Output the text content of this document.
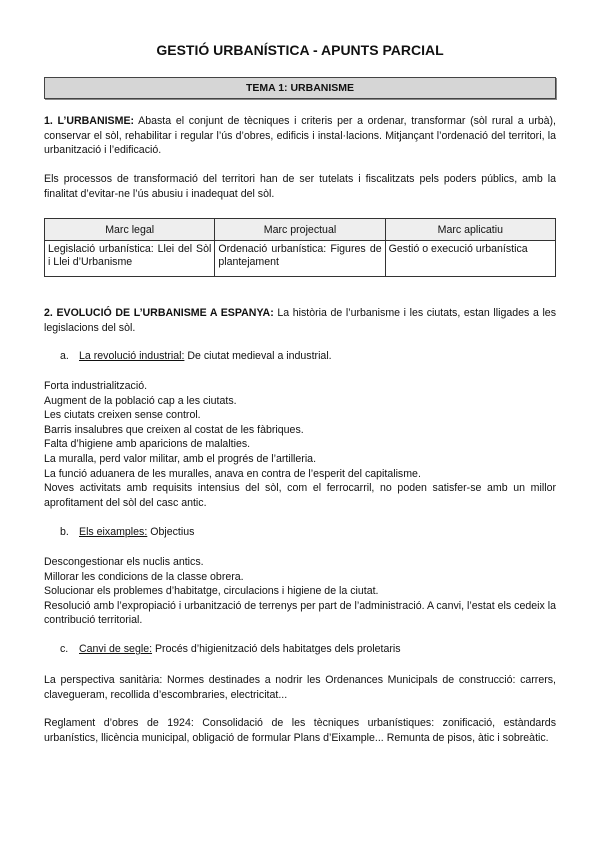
GESTIÓ URBANÍSTICA - APUNTS PARCIAL
TEMA 1: URBANISME
1. L’URBANISME: Abasta el conjunt de tècniques i criteris per a ordenar, transformar (sòl rural a urbà), conservar el sòl, rehabilitar i regular l’ús d’obres, edificis i instal·lacions. Mitjançant l’ordenació del territori, la urbanització i l’edificació.
Els processos de transformació del territori han de ser tutelats i fiscalitzats pels poders públics, amb la finalitat d’evitar-ne l’ús abusiu i inadequat del sòl.
Marc legal	Marc projectual	Marc aplicatiu
Legislació urbanística: Llei del Sòl i Llei d’Urbanisme	Ordenació urbanística: Figures de plantejament	Gestió o execució urbanística
2. EVOLUCIÓ DE L’URBANISME A ESPANYA: La història de l’urbanisme i les ciutats, estan lligades a les legislacions del sòl.
a. La revolució industrial: De ciutat medieval a industrial.
Forta industrialització.
Augment de la població cap a les ciutats.
Les ciutats creixen sense control.
Barris insalubres que creixen al costat de les fàbriques.
Falta d’higiene amb aparicions de malalties.
La muralla, perd valor militar, amb el progrés de l’artilleria.
La funció aduanera de les muralles, anava en contra de l’esperit del capitalisme.
Noves activitats amb requisits intensius del sòl, com el ferrocarril, no poden satisfer-se amb un millor aprofitament del sòl del casc antic.
b. Els eixamples: Objectius
Descongestionar els nuclis antics.
Millorar les condicions de la classe obrera.
Solucionar els problemes d’habitatge, circulacions i higiene de la ciutat.
Resolució amb l’expropiació i urbanització de terrenys per part de l’administració. A canvi, l’estat els cedeix la contribució territorial.
c. Canvi de segle: Procés d’higienització dels habitatges dels proletaris
La perspectiva sanitària: Normes destinades a nodrir les Ordenances Municipals de construcció: carrers, clavegueram, recollida d’escombraries, electricitat...
Reglament d’obres de 1924: Consolidació de les tècniques urbanístiques: zonificació, estàndards urbanístics, llicència municipal, obligació de formular Plans d’Eixample... Remunta de pisos, àtic i sobreàtic.
